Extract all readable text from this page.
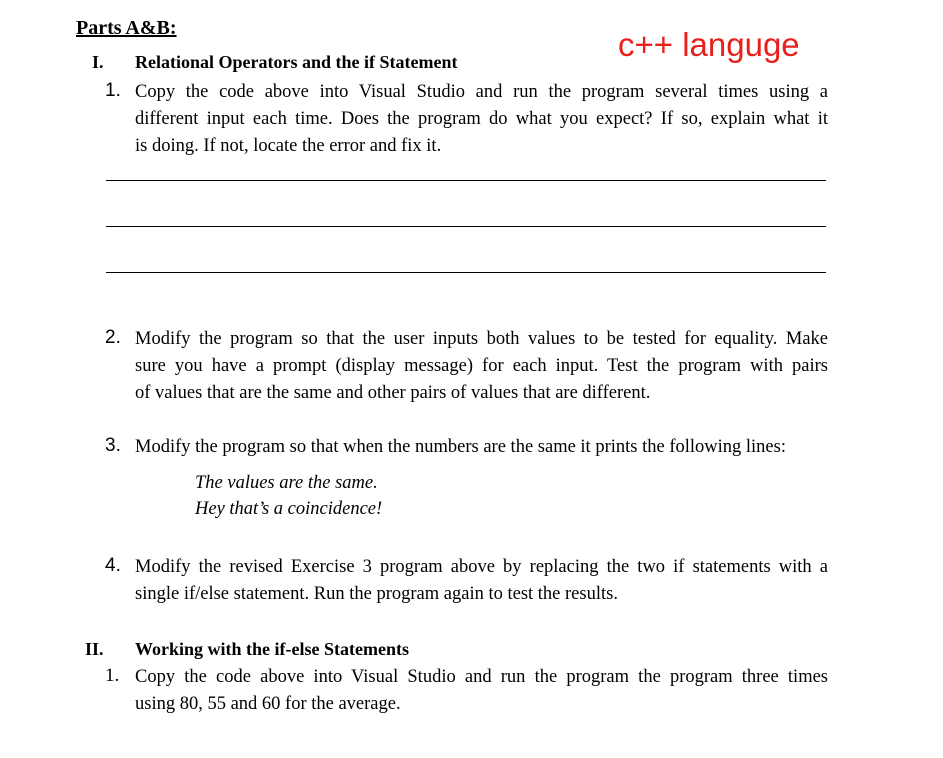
Parts A&B:	c++ languge
I. Relational Operators and the if Statement
1. Copy the code above into Visual Studio and run the program several times using a
different input each time. Does the program do what you expect? If so, explain what it
is doing. If not, locate the error and fix it.
2. Modify the program so that the user inputs both values to be tested for equality. Make
sure you have a prompt (display message) for each input. Test the program with pairs
of values that are the same and other pairs of values that are different.
3. Modify the program so that when the numbers are the same it prints the following lines:
The values are the same.
Hey that’s a coincidence!
4. Modify the revised Exercise 3 program above by replacing the two if statements with a
single if/else statement. Run the program again to test the results.
II. Working with the if-else Statements
1. Copy the code above into Visual Studio and run the program the program three times
using 80, 55 and 60 for the average.
